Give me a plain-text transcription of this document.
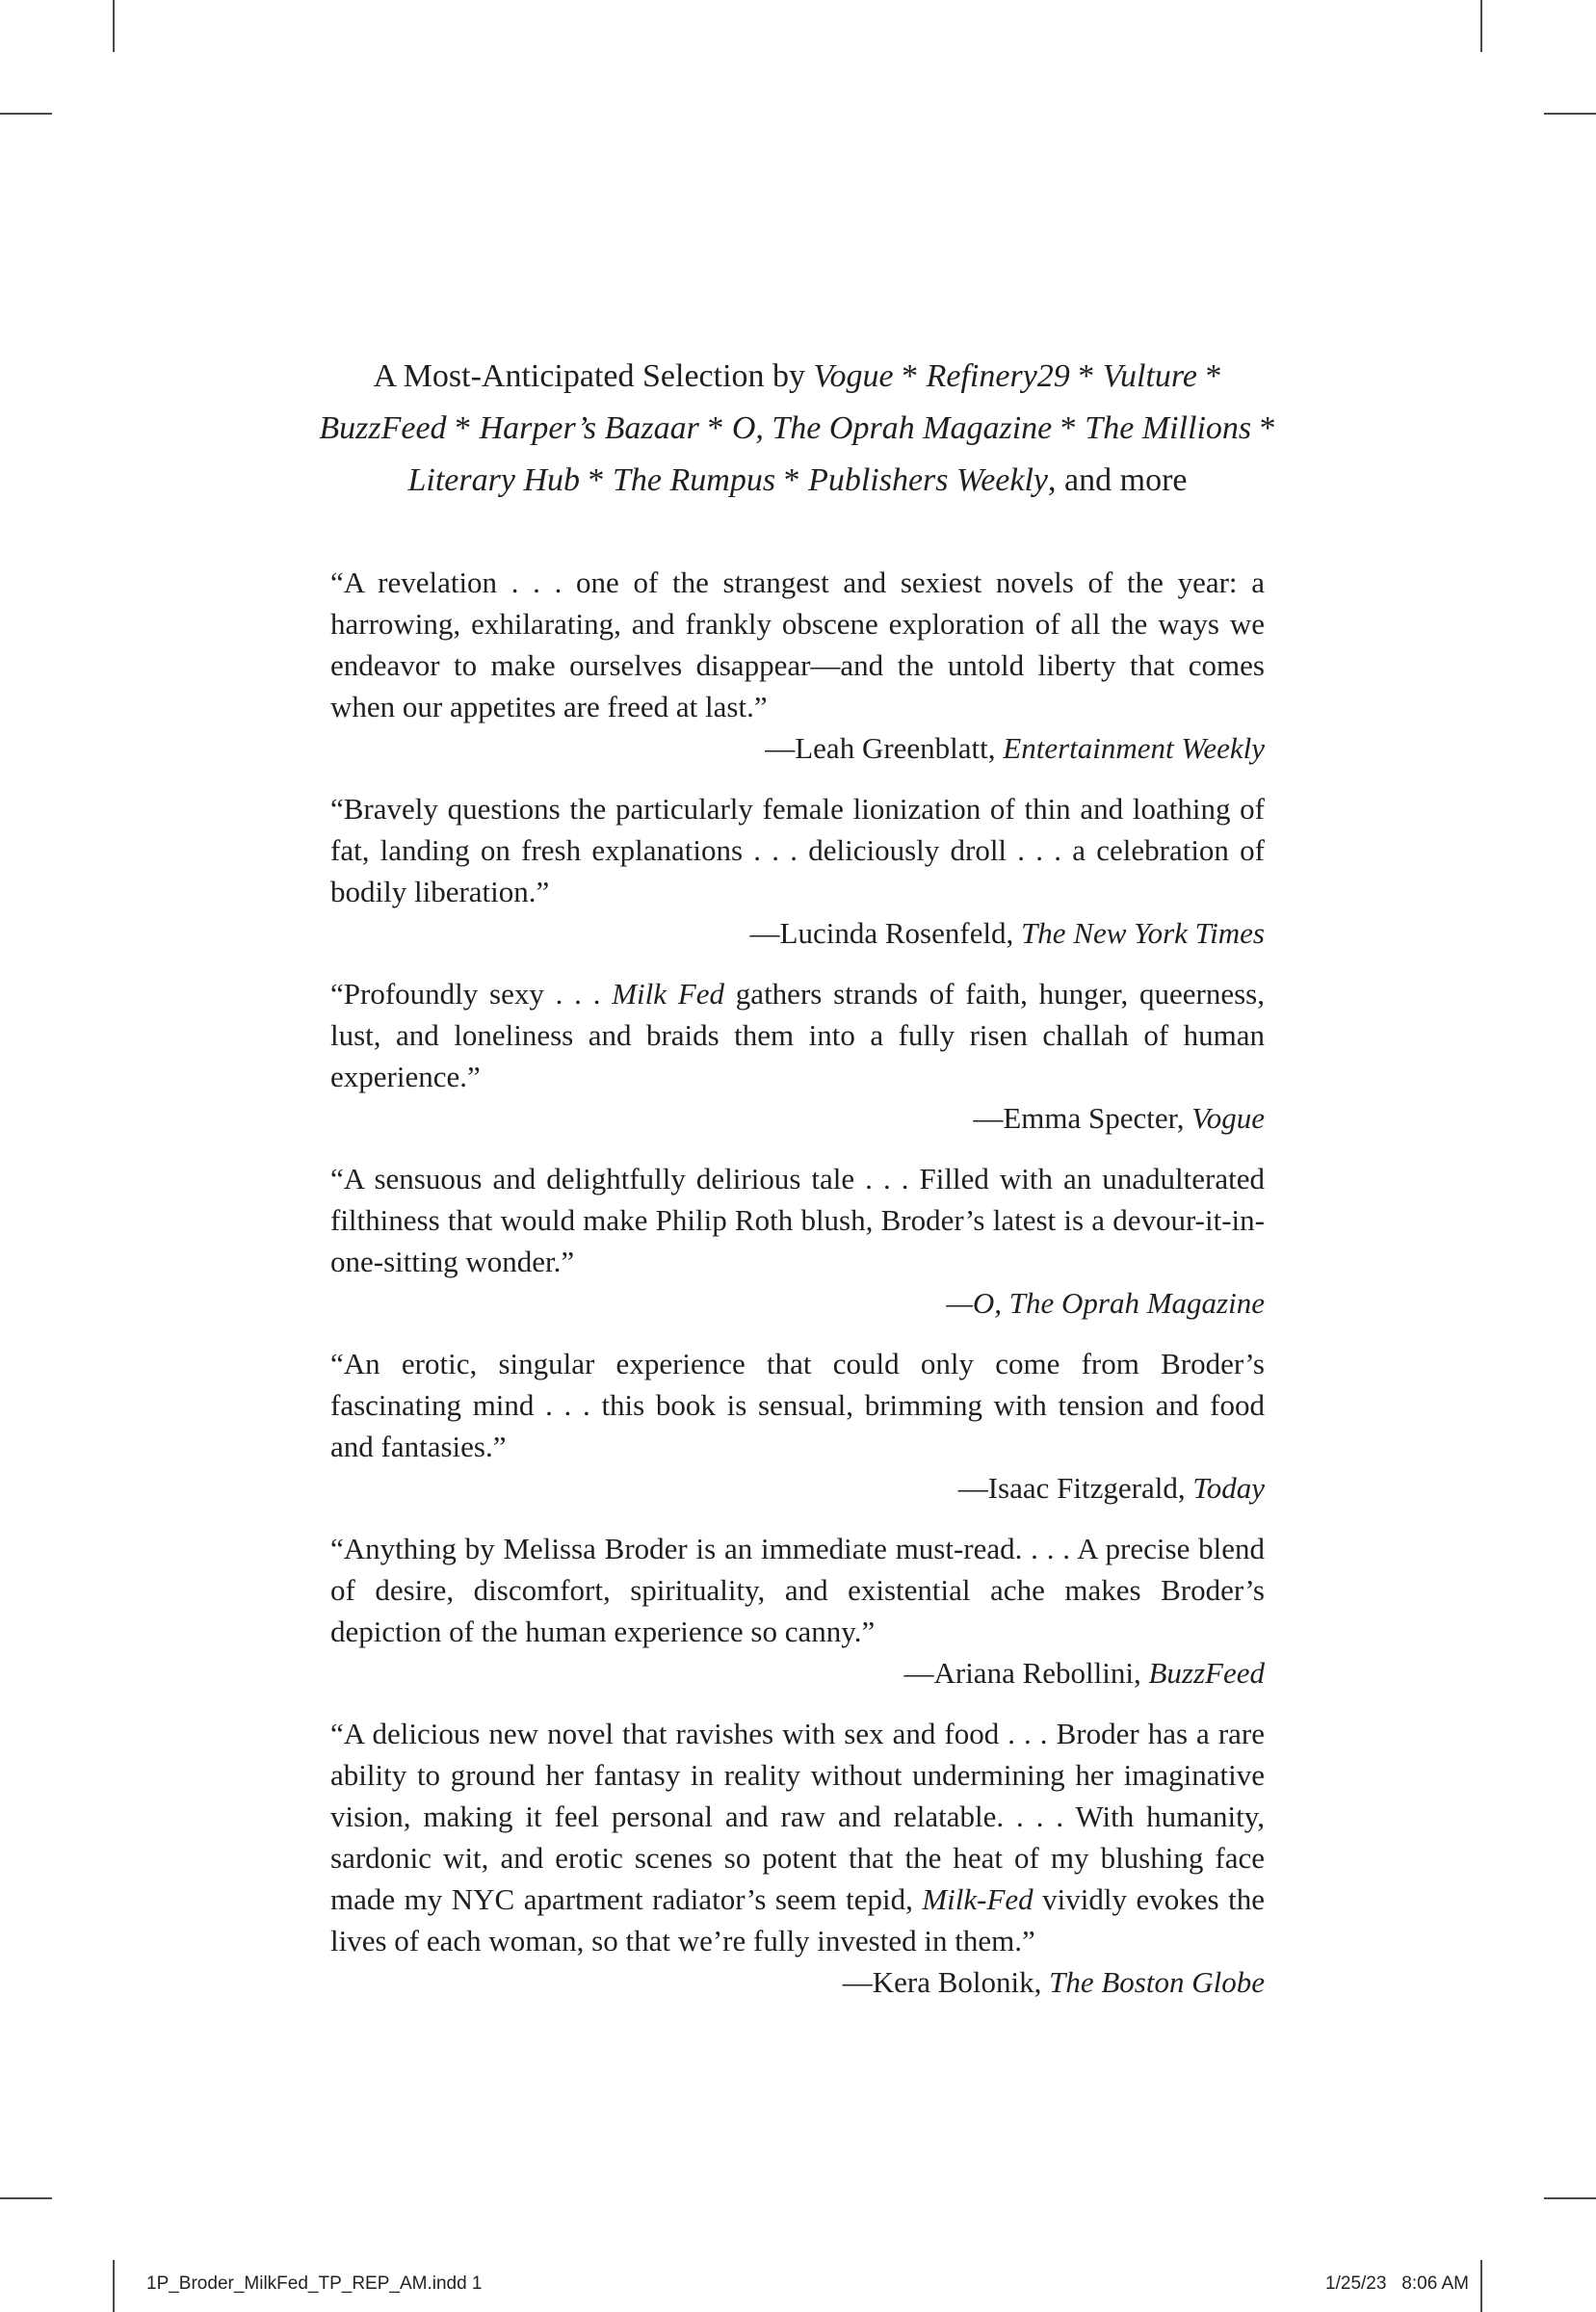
A Most-Anticipated Selection by Vogue * Refinery29 * Vulture *
BuzzFeed * Harper’s Bazaar * O, The Oprah Magazine * The Millions *
Literary Hub * The Rumpus * Publishers Weekly, and more

“A revelation . . . one of the strangest and sexiest novels of the year: a harrowing, exhilarating, and frankly obscene exploration of all the ways we endeavor to make ourselves disappear—and the untold liberty that comes when our appetites are freed at last.”

—Leah Greenblatt, Entertainment Weekly

“Bravely questions the particularly female lionization of thin and loathing of fat, landing on fresh explanations . . . deliciously droll . . . a celebration of bodily liberation.”

—Lucinda Rosenfeld, The New York Times

“Profoundly sexy . . . Milk Fed gathers strands of faith, hunger, queerness, lust, and loneliness and braids them into a fully risen challah of human experience.”

—Emma Specter, Vogue

“A sensuous and delightfully delirious tale . . . Filled with an unadulterated filthiness that would make Philip Roth blush, Broder’s latest is a devour-it-in-one-sitting wonder.”

—O, The Oprah Magazine

“An erotic, singular experience that could only come from Broder’s fascinating mind . . . this book is sensual, brimming with tension and food and fantasies.”

—Isaac Fitzgerald, Today

“Anything by Melissa Broder is an immediate must-read. . . . A precise blend of desire, discomfort, spirituality, and existential ache makes Broder’s depiction of the human experience so canny.”

—Ariana Rebollini, BuzzFeed

“A delicious new novel that ravishes with sex and food . . . Broder has a rare ability to ground her fantasy in reality without undermining her imaginative vision, making it feel personal and raw and relatable. . . . With humanity, sardonic wit, and erotic scenes so potent that the heat of my blushing face made my NYC apartment radiator’s seem tepid, Milk-Fed vividly evokes the lives of each woman, so that we’re fully invested in them.”

—Kera Bolonik, The Boston Globe

1P_Broder_MilkFed_TP_REP_AM.indd 1	1/25/23 8:06 AM
